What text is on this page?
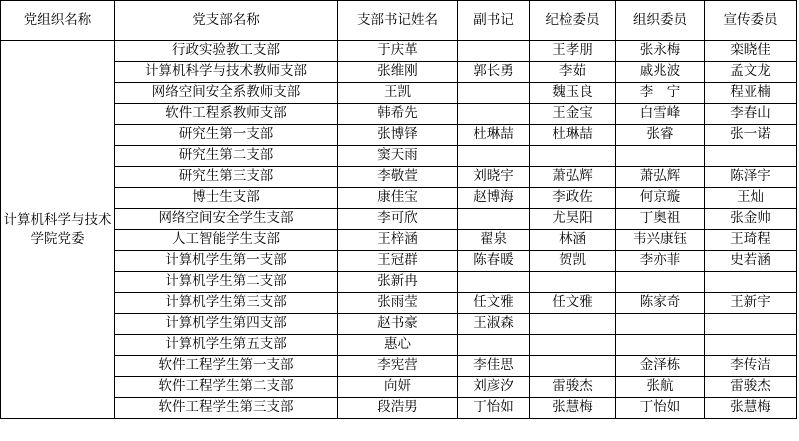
党组织名称	党支部名称	支部书记姓名	副书记	纪检委员	组织委员	宣传委员
计算机科学与技术学院党委	行政实验教工支部	于庆革		王孝朋	张永梅	栾晓佳
	计算机科学与技术教师支部	张维刚	郭长勇	李茹	戚兆波	孟文龙
	网络空间安全系教师支部	王凯		魏玉良	李　宁	程亚楠
	软件工程系教师支部	韩希先		王金宝	白雪峰	李春山
	研究生第一支部	张博铎	杜琳喆	杜琳喆	张睿	张一诺
	研究生第二支部	窦天雨				
	研究生第三支部	李敬萱	刘晓宇	萧弘辉	萧弘辉	陈泽宇
	博士生支部	康佳宝	赵博海	李政佐	何京璇	王灿
	网络空间安全学生支部	李可欣		尤昊阳	丁奥祖	张金帅
	人工智能学生支部	王梓涵	翟泉	林涵	韦兴康钰	王琦程
	计算机学生第一支部	王冠群	陈春暖	贺凯	李亦菲	史若涵
	计算机学生第二支部	张新冉				
	计算机学生第三支部	张雨莹	任文雅	任文雅	陈家奇	王新宇
	计算机学生第四支部	赵书豪	王淑森			
	计算机学生第五支部	惠心				
	软件工程学生第一支部	李宪营	李佳思		金泽栋	李传洁
	软件工程学生第二支部	向妍	刘彦汐	雷骏杰	张航	雷骏杰
	软件工程学生第三支部	段浩男	丁怡如	张慧梅	丁怡如	张慧梅
